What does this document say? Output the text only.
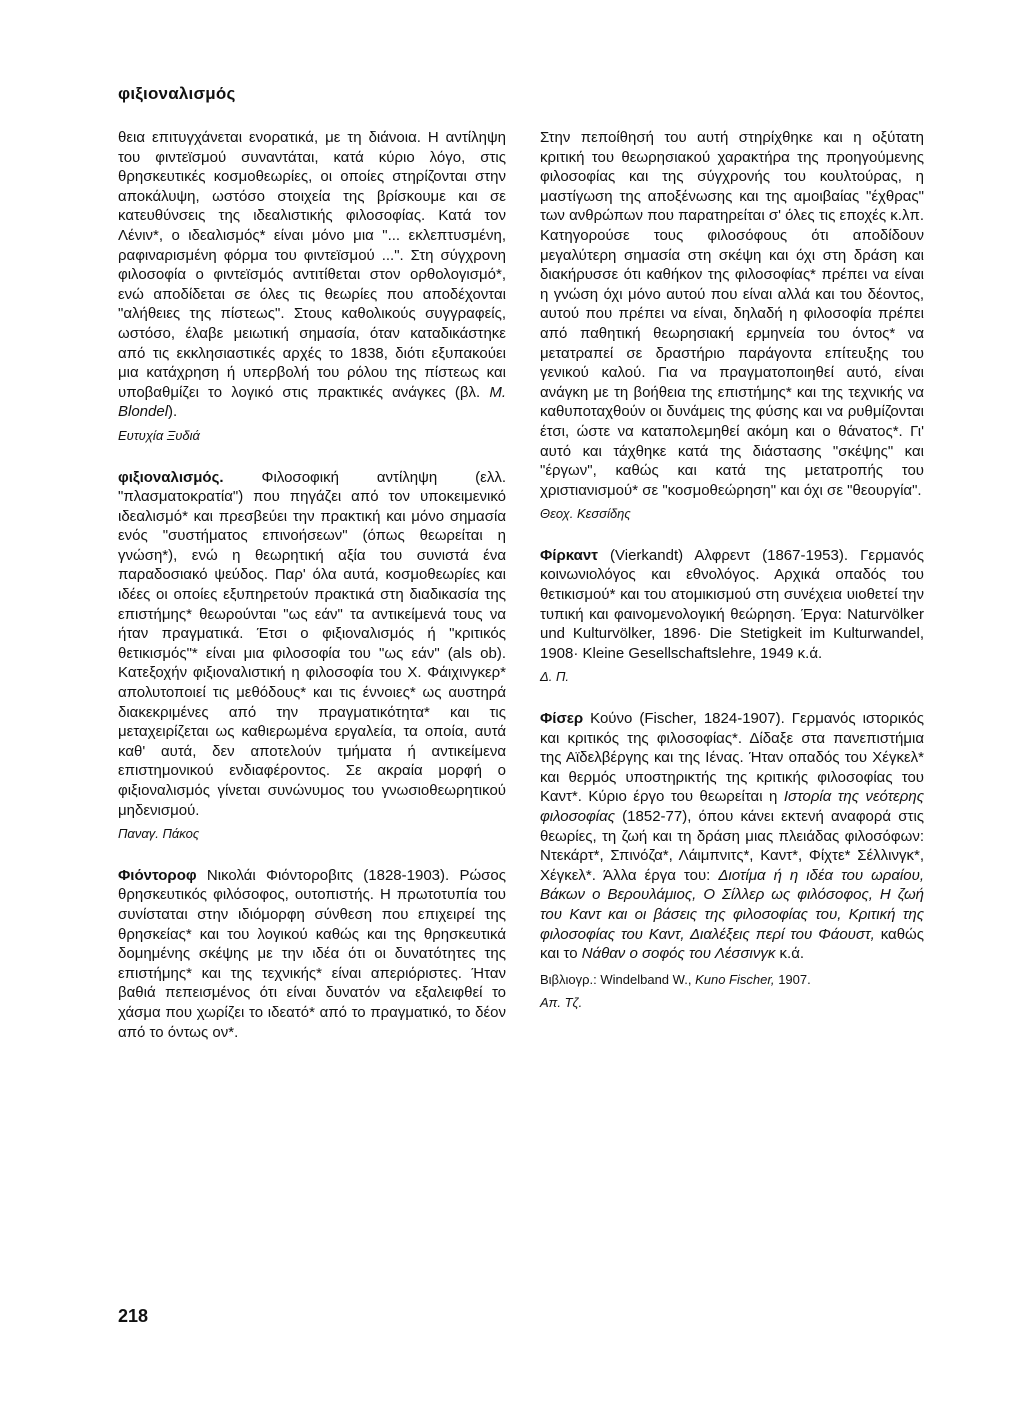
φιξιοναλισμός

θεια επιτυγχάνεται ενορατικά, με τη διάνοια. Η αντίληψη του φιντεϊσμού συναντάται, κατά κύριο λόγο, στις θρησκευτικές κοσμοθεωρίες, οι οποίες στηρίζονται στην αποκάλυψη, ωστόσο στοιχεία της βρίσκουμε και σε κατευθύνσεις της ιδεαλιστικής φιλοσοφίας. Κατά τον Λένιν*, ο ιδεαλισμός* είναι μόνο μια "... εκλεπτυσμένη, ραφιναρισμένη φόρμα του φιντεϊσμού ...". Στη σύγχρονη φιλοσοφία ο φιντεϊσμός αντιτίθεται στον ορθολογισμό*, ενώ αποδίδεται σε όλες τις θεωρίες που αποδέχονται "αλήθειες της πίστεως". Στους καθολικούς συγγραφείς, ωστόσο, έλαβε μειωτική σημασία, όταν καταδικάστηκε από τις εκκλησιαστικές αρχές το 1838, διότι εξυπακούει μια κατάχρηση ή υπερβολή του ρόλου της πίστεως και υποβαθμίζει το λογικό στις πρακτικές ανάγκες (βλ. M. Blondel).

Ευτυχία Ξυδιά

φιξιοναλισμός.	Φιλοσοφική αντίληψη (ελλ. "πλασματοκρατία") που πηγάζει από τον υποκειμενικό ιδεαλισμό* και πρεσβεύει την πρακτική και μόνο σημασία ενός "συστήματος επινοήσεων" (όπως θεωρείται η γνώση*), ενώ η θεωρητική αξία του συνιστά ένα παραδοσιακό ψεύδος. Παρ' όλα αυτά, κοσμοθεωρίες και ιδέες οι οποίες εξυπηρετούν πρακτικά στη διαδικασία της επιστήμης* θεωρούνται "ως εάν" τα αντικείμενά τους να ήταν πραγματικά. Έτσι ο φιξιοναλισμός ή "κριτικός θετικισμός"* είναι μια φιλοσοφία του "ως εάν" (als ob). Κατεξοχήν φιξιοναλιστική η φιλοσοφία του Χ. Φάιχινγκερ* απολυτοποιεί τις μεθόδους* και τις έννοιες* ως αυστηρά διακεκριμένες από την πραγματικότητα* και τις μεταχειρίζεται ως καθιερωμένα εργαλεία, τα οποία, αυτά καθ' αυτά, δεν αποτελούν τμήματα ή αντικείμενα επιστημονικού ενδιαφέροντος. Σε ακραία μορφή ο φιξιοναλισμός γίνεται συνώνυμος του γνωσιοθεωρητικού μηδενισμού.

Παναγ. Πάκος

Φιόντοροφ Νικολάι Φιόντοροβιτς (1828-1903). Ρώσος θρησκευτικός φιλόσοφος, ουτοπιστής. Η πρωτοτυπία του συνίσταται στην ιδιόμορφη σύνθεση που επιχειρεί της θρησκείας* και του λογικού καθώς και της θρησκευτικά δομημένης σκέψης με την ιδέα ότι οι δυνατότητες της επιστήμης* και της τεχνικής* είναι απεριόριστες. Ήταν βαθιά πεπεισμένος ότι είναι δυνατόν να εξαλειφθεί το χάσμα που χωρίζει το ιδεατό* από το πραγματικό, το δέον από το όντως ον*.

Στην πεποίθησή του αυτή στηρίχθηκε και η οξύτατη κριτική του θεωρησιακού χαρακτήρα της προηγούμενης φιλοσοφίας και της σύγχρονής του κουλτούρας, η μαστίγωση της αποξένωσης και της αμοιβαίας "έχθρας" των ανθρώπων που παρατηρείται σ' όλες τις εποχές κ.λπ. Κατηγορούσε τους φιλοσόφους ότι αποδίδουν μεγαλύτερη σημασία στη σκέψη και όχι στη δράση και διακήρυσσε ότι καθήκον της φιλοσοφίας* πρέπει να είναι η γνώση όχι μόνο αυτού που είναι αλλά και του δέοντος, αυτού που πρέπει να είναι, δηλαδή η φιλοσοφία πρέπει από παθητική θεωρησιακή ερμηνεία του όντος* να μετατραπεί σε δραστήριο παράγοντα επίτευξης του γενικού καλού. Για να πραγματοποιηθεί αυτό, είναι ανάγκη με τη βοήθεια της επιστήμης* και της τεχνικής να καθυποταχθούν οι δυνάμεις της φύσης και να ρυθμίζονται έτσι, ώστε να καταπολεμηθεί ακόμη και ο θάνατος*. Γι' αυτό και τάχθηκε κατά της διάστασης "σκέψης" και "έργων", καθώς και κατά της μετατροπής του χριστιανισμού* σε "κοσμοθεώρηση" και όχι σε "θεουργία".

Θεοχ. Κεσσίδης

Φίρκαντ (Vierkandt) Αλφρεντ (1867-1953). Γερμανός κοινωνιολόγος και εθνολόγος. Αρχικά οπαδός του θετικισμού* και του ατομικισμού στη συνέχεια υιοθετεί την τυπική και φαινομενολογική θεώρηση. Έργα: Naturvölker und Kulturvölker, 1896· Die Stetigkeit im Kulturwandel, 1908· Kleine Gesellschaftslehre, 1949 κ.ά.

Δ. Π.

Φίσερ Κούνο (Fischer, 1824-1907). Γερμανός ιστορικός και κριτικός της φιλοσοφίας*. Δίδαξε στα πανεπιστήμια της Αϊδελβέργης και της Ιένας. Ήταν οπαδός του Χέγκελ* και θερμός υποστηρικτής της κριτικής φιλοσοφίας του Καντ*. Κύριο έργο του θεωρείται η Ιστορία της νεότερης φιλοσοφίας (1852-77), όπου κάνει εκτενή αναφορά στις θεωρίες, τη ζωή και τη δράση μιας πλειάδας φιλοσόφων: Ντεκάρτ*, Σπινόζα*, Λάιμπνιτς*, Καντ*, Φίχτε* Σέλλινγκ*, Χέγκελ*. Άλλα έργα του: Διοτίμα ή η ιδέα του ωραίου, Βάκων ο Βερουλάμιος, Ο Σίλλερ ως φιλόσοφος, Η ζωή του Καντ και οι βάσεις της φιλοσοφίας του, Κριτική της φιλοσοφίας του Καντ, Διαλέξεις περί του Φάουστ, καθώς και το Νάθαν ο σοφός του Λέσσινγκ κ.ά.

Βιβλιογρ.: Windelband W., Kuno Fischer, 1907.

Απ. Τζ.

218
